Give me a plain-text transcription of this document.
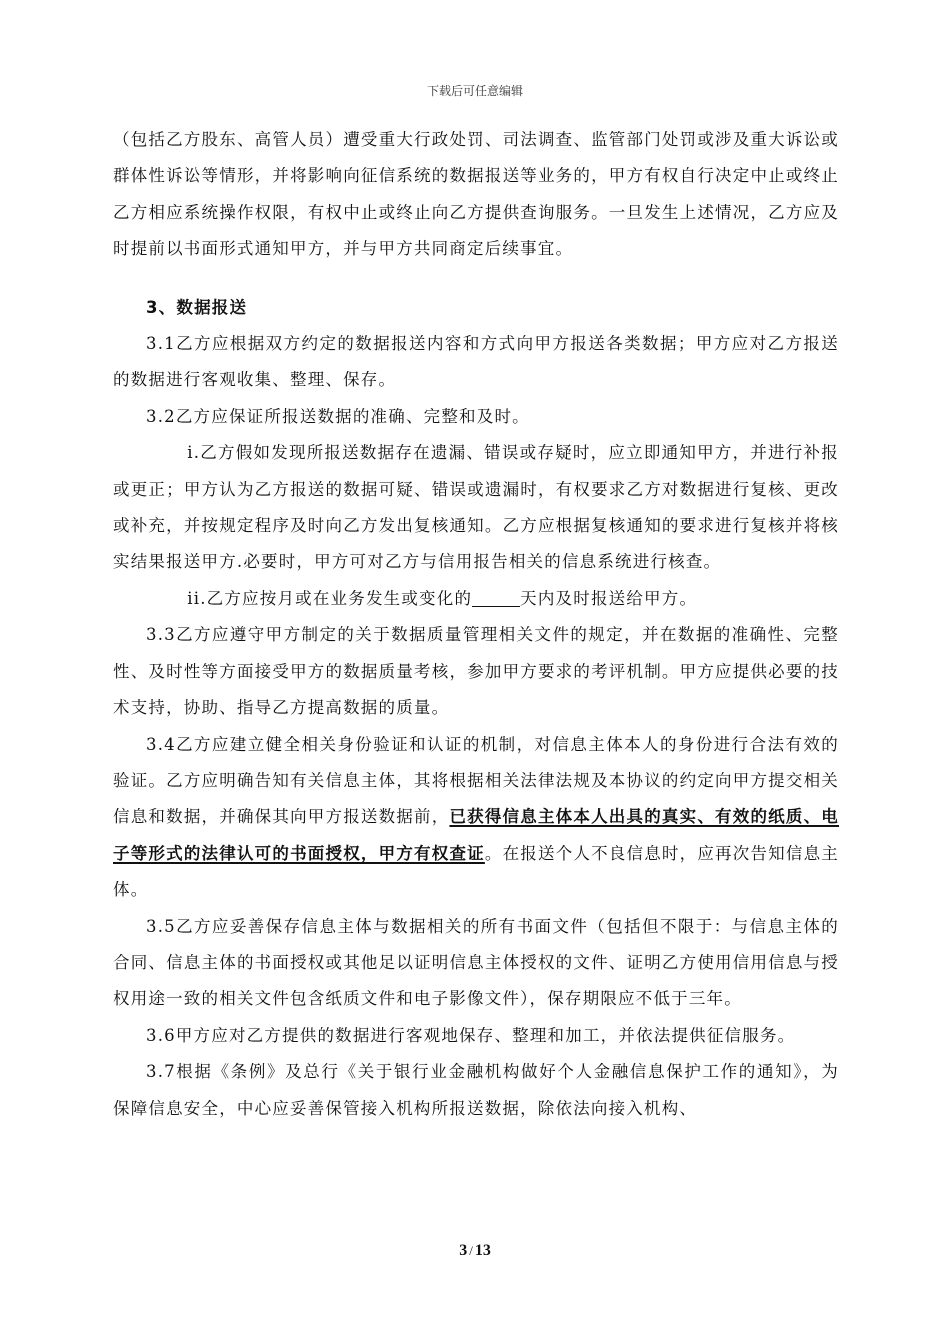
下载后可任意编辑

（包括乙方股东、高管人员）遭受重大行政处罚、司法调查、监管部门处罚或涉及重大诉讼或群体性诉讼等情形，并将影响向征信系统的数据报送等业务的，甲方有权自行决定中止或终止乙方相应系统操作权限，有权中止或终止向乙方提供查询服务。一旦发生上述情况，乙方应及时提前以书面形式通知甲方，并与甲方共同商定后续事宜。

3、数据报送

3.1乙方应根据双方约定的数据报送内容和方式向甲方报送各类数据；甲方应对乙方报送的数据进行客观收集、整理、保存。

3.2乙方应保证所报送数据的准确、完整和及时。

i.乙方假如发现所报送数据存在遗漏、错误或存疑时，应立即通知甲方，并进行补报或更正；甲方认为乙方报送的数据可疑、错误或遗漏时，有权要求乙方对数据进行复核、更改或补充，并按规定程序及时向乙方发出复核通知。乙方应根据复核通知的要求进行复核并将核实结果报送甲方.必要时，甲方可对乙方与信用报告相关的信息系统进行核查。

ii.乙方应按月或在业务发生或变化的	天内及时报送给甲方。

3.3乙方应遵守甲方制定的关于数据质量管理相关文件的规定，并在数据的准确性、完整性、及时性等方面接受甲方的数据质量考核，参加甲方要求的考评机制。甲方应提供必要的技术支持，协助、指导乙方提高数据的质量。

3.4乙方应建立健全相关身份验证和认证的机制，对信息主体本人的身份进行合法有效的验证。乙方应明确告知有关信息主体，其将根据相关法律法规及本协议的约定向甲方提交相关信息和数据，并确保其向甲方报送数据前，已获得信息主体本人出具的真实、有效的纸质、电子等形式的法律认可的书面授权，甲方有权查证。在报送个人不良信息时，应再次告知信息主体。

3.5乙方应妥善保存信息主体与数据相关的所有书面文件（包括但不限于：与信息主体的合同、信息主体的书面授权或其他足以证明信息主体授权的文件、证明乙方使用信用信息与授权用途一致的相关文件包含纸质文件和电子影像文件），保存期限应不低于三年。

3.6甲方应对乙方提供的数据进行客观地保存、整理和加工，并依法提供征信服务。

3.7根据《条例》及总行《关于银行业金融机构做好个人金融信息保护工作的通知》，为保障信息安全，中心应妥善保管接入机构所报送数据，除依法向接入机构、

3 / 13
